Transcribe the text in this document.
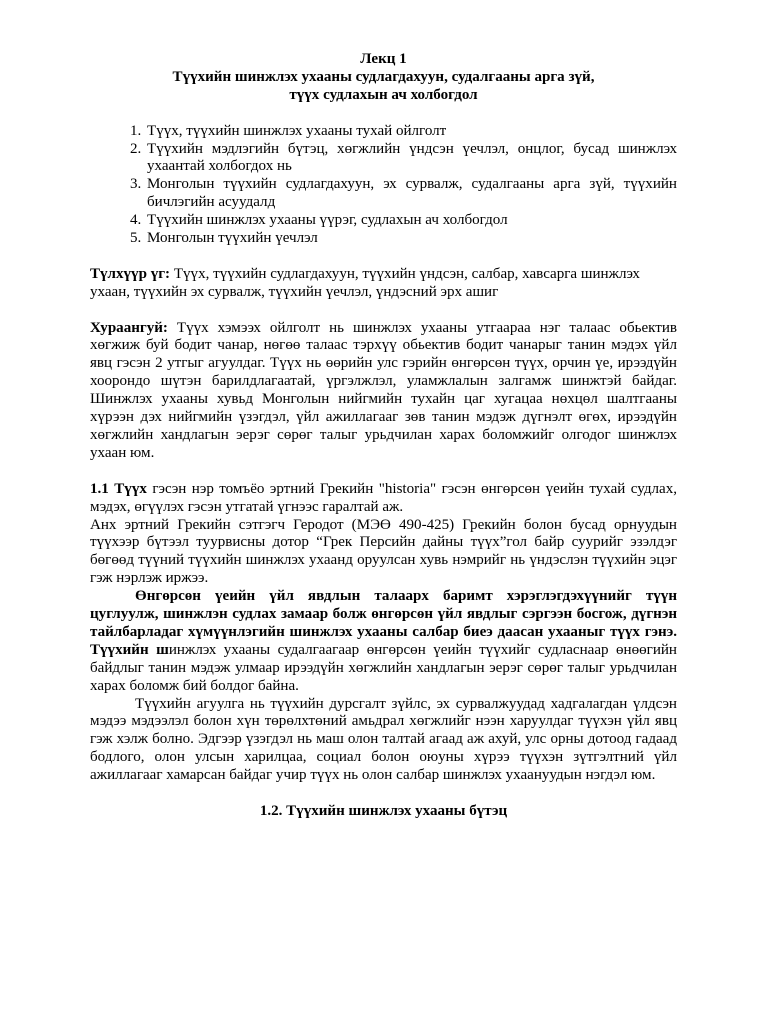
Лекц 1
Түүхийн шинжлэх ухааны судлагдахуун, судалгааны арга зүй,
түүх судлахын ач холбогдол
1. Түүх, түүхийн шинжлэх ухааны тухай ойлголт
2. Түүхийн мэдлэгийн бүтэц, хөгжлийн үндсэн үечлэл, онцлог, бусад шинжлэх ухаантай холбогдох нь
3. Монголын түүхийн судлагдахуун, эх сурвалж, судалгааны арга зүй, түүхийн бичлэгийн асуудалд
4. Түүхийн шинжлэх ухааны үүрэг, судлахын ач холбогдол
5. Монголын түүхийн үечлэл

Түлхүүр үг: Түүх, түүхийн судлагдахуун, түүхийн үндсэн, салбар, хавсарга шинжлэх ухаан, түүхийн эх сурвалж, түүхийн үечлэл, үндэсний эрх ашиг

Хураангуй: Түүх хэмээх ойлголт нь шинжлэх ухааны утгаараа нэг талаас обьектив хөгжиж буй бодит чанар, нөгөө талаас тэрхүү обьектив бодит чанарыг танин мэдэх үйл явц гэсэн 2 утгыг агуулдаг. Түүх нь өөрийн улс гэрийн өнгөрсөн түүх, орчин үе, ирээдүйн хоорондо шүтэн барилдлагаатай, үргэлжлэл, уламжлалын залгамж шинжтэй байдаг. Шинжлэх ухааны хувьд Монголын нийгмийн тухайн цаг хугацаа нөхцөл шалтгааны хүрээн дэх нийгмийн үзэгдэл, үйл ажиллагааг зөв танин мэдэж дүгнэлт өгөх, ирээдүйн хөгжлийн хандлагын эерэг сөрөг талыг урьдчилан харах боломжийг олгодог шинжлэх ухаан юм.

1.1 Түүх гэсэн нэр томъёо эртний Грекийн "historia" гэсэн өнгөрсөн үеийн тухай судлах, мэдэх, өгүүлэх гэсэн утгатай үгнээс гаралтай аж.

Анх эртний Грекийн сэтгэгч Геродот (МЭӨ 490-425) Грекийн болон бусад орнуудын түүхээр бүтээл туурвисны дотор “Грек Персийн дайны түүх”гол байр суурийг эзэлдэг бөгөөд түүний түүхийн шинжлэх ухаанд оруулсан хувь нэмрийг нь үндэслэн түүхийн эцэг гэж нэрлэж иржээ.

Өнгөрсөн үеийн үйл явдлын талаарх баримт хэрэглэгдэхүүнийг түүн цуглуулж, шинжлэн судлах замаар болж өнгөрсөн үйл явдлыг сэргээн босгож, дүгнэн тайлбарладаг хүмүүнлэгийн шинжлэх ухааны салбар биеэ даасан ухааныг түүх гэнэ. Түүхийн шинжлэх ухааны судалгаагаар өнгөрсөн үеийн түүхийг судласнаар өнөөгийн байдлыг танин мэдэж улмаар ирээдүйн хөгжлийн хандлагын эерэг сөрөг талыг урьдчилан харах боломж бий болдог байна.

Түүхийн агуулга нь түүхийн дурсгалт зүйлс, эх сурвалжуудад хадгалагдан үлдсэн мэдээ мэдээлэл болон хүн төрөлхтөний амьдрал хөгжлийг нээн харуулдаг түүхэн үйл явц гэж хэлж болно. Эдгээр үзэгдэл нь маш олон талтай агаад аж ахуй, улс орны дотоод гадаад бодлого, олон улсын харилцаа, социал болон оюуны хүрээ түүхэн зүтгэлтний үйл ажиллагааг хамарсан байдаг учир түүх нь олон салбар шинжлэх ухаануудын нэгдэл юм.

1.2. Түүхийн шинжлэх ухааны бүтэц
